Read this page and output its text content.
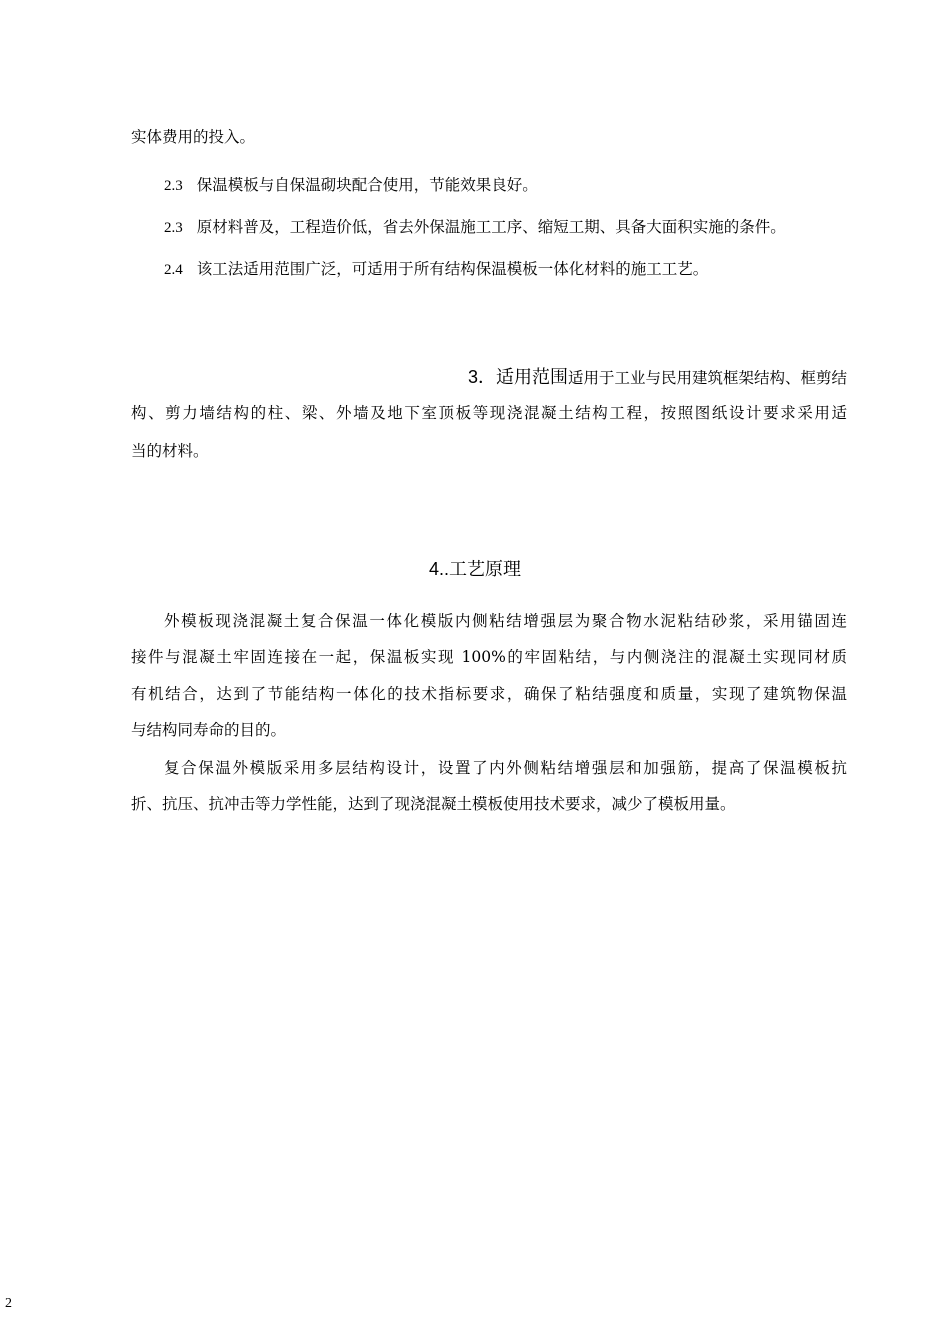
实体费用的投入。
2.3 保温模板与自保温砌块配合使用，节能效果良好。
2.3 原材料普及，工程造价低，省去外保温施工工序、缩短工期、具备大面积实施的条件。
2.4 该工法适用范围广泛，可适用于所有结构保温模板一体化材料的施工工艺。
3．适用范围适用于工业与民用建筑框架结构、框剪结
构、剪力墙结构的柱、梁、外墙及地下室顶板等现浇混凝土结构工程，按照图纸设计要求采用适
当的材料。
4..工艺原理
外模板现浇混凝土复合保温一体化模版内侧粘结增强层为聚合物水泥粘结砂浆，采用锚固连
接件与混凝土牢固连接在一起，保温板实现 100%的牢固粘结，与内侧浇注的混凝土实现同材质
有机结合，达到了节能结构一体化的技术指标要求，确保了粘结强度和质量，实现了建筑物保温
与结构同寿命的目的。
复合保温外模版采用多层结构设计，设置了内外侧粘结增强层和加强筋，提高了保温模板抗
折、抗压、抗冲击等力学性能，达到了现浇混凝土模板使用技术要求，减少了模板用量。
2
